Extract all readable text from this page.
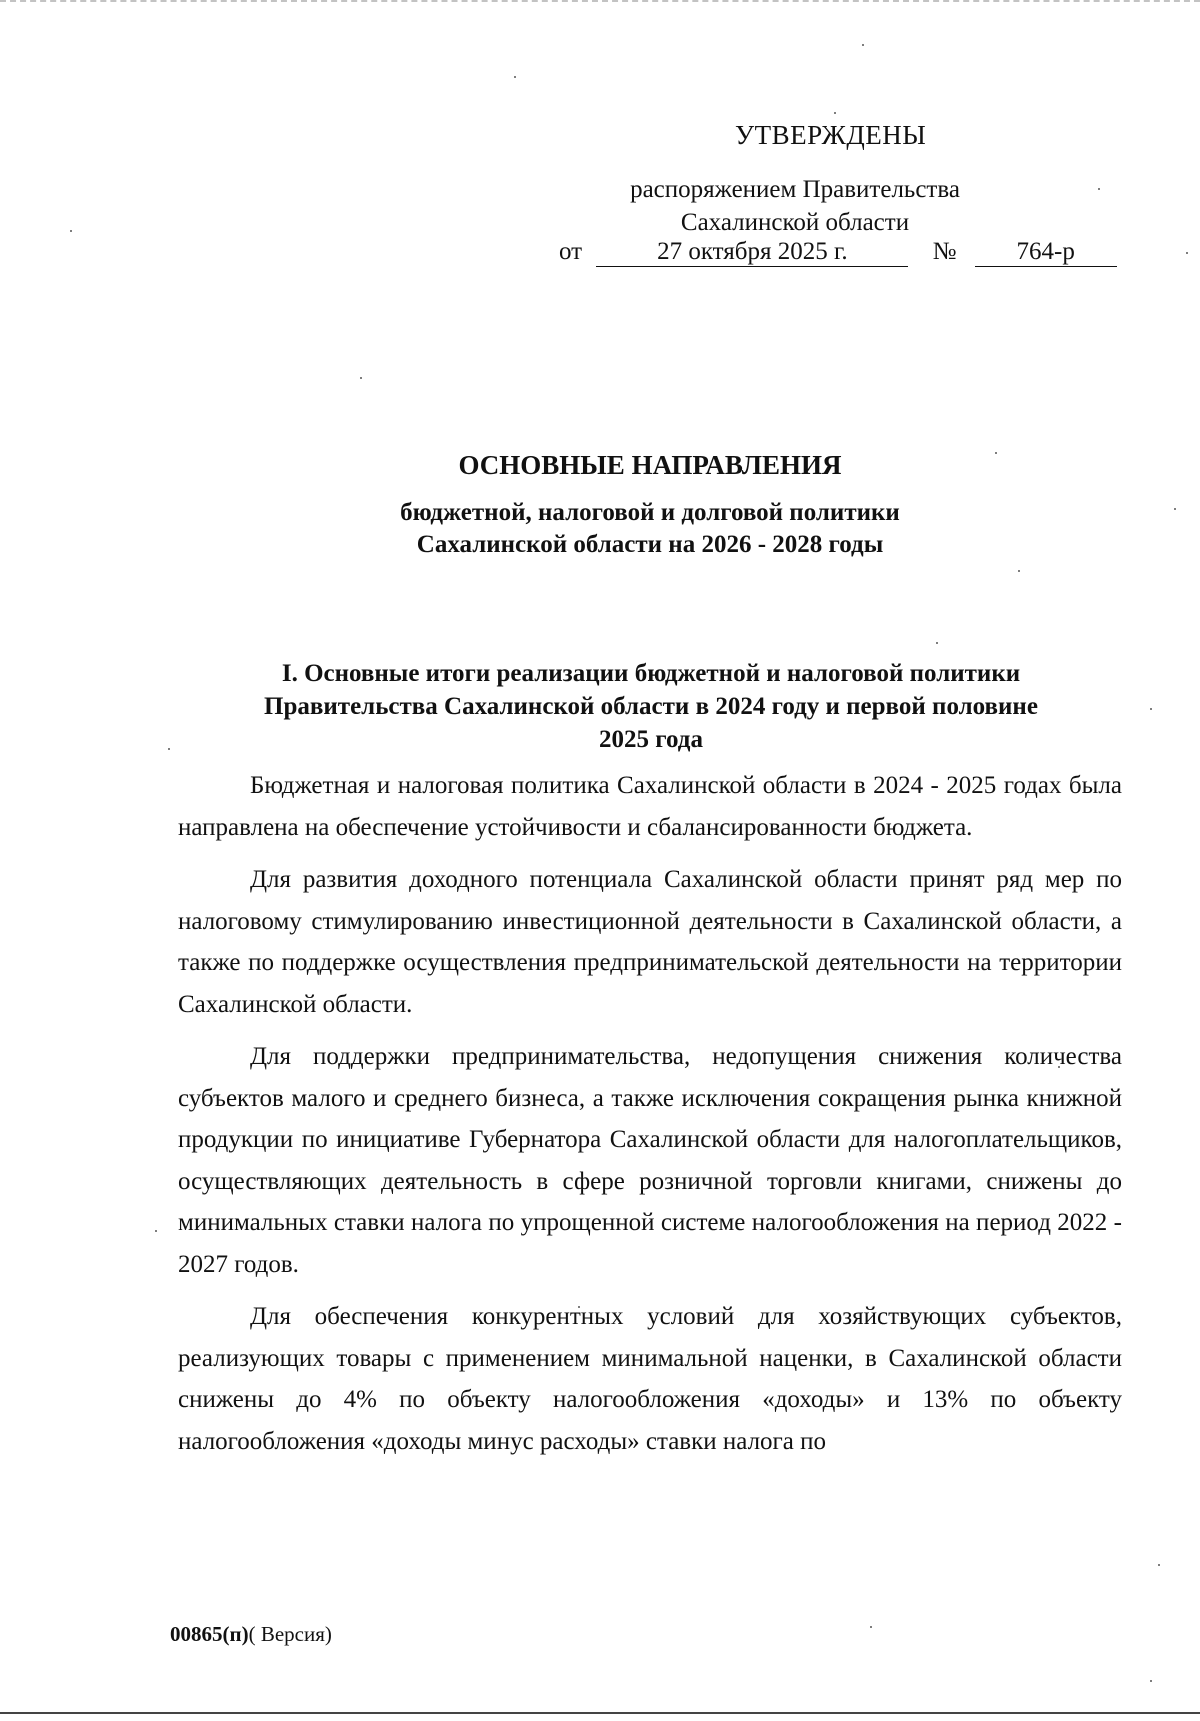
УТВЕРЖДЕНЫ
распоряжением Правительства
Сахалинской области
от	27 октября 2025 г.	№ 764-р
ОСНОВНЫЕ НАПРАВЛЕНИЯ
бюджетной, налоговой и долговой политики
Сахалинской области на 2026 - 2028 годы
I. Основные итоги реализации бюджетной и налоговой политики
Правительства Сахалинской области в 2024 году и первой половине
2025 года

Бюджетная и налоговая политика Сахалинской области в 2024 - 2025 годах была направлена на обеспечение устойчивости и сбалансированности бюджета.

Для развития доходного потенциала Сахалинской области принят ряд мер по налоговому стимулированию инвестиционной деятельности в Сахалинской области, а также по поддержке осуществления предпринимательской деятельности на территории Сахалинской области.

Для поддержки предпринимательства, недопущения снижения количества субъектов малого и среднего бизнеса, а также исключения сокращения рынка книжной продукции по инициативе Губернатора Сахалинской области для налогоплательщиков, осуществляющих деятельность в сфере розничной торговли книгами, снижены до минимальных ставки налога по упрощенной системе налогообложения на период 2022 - 2027 годов.

Для обеспечения конкурентных условий для хозяйствующих субъектов, реализующих товары с применением минимальной наценки, в Сахалинской области снижены до 4% по объекту налогообложения «доходы» и 13% по объекту налогообложения «доходы минус расходы» ставки налога по

00865(п)( Версия)
